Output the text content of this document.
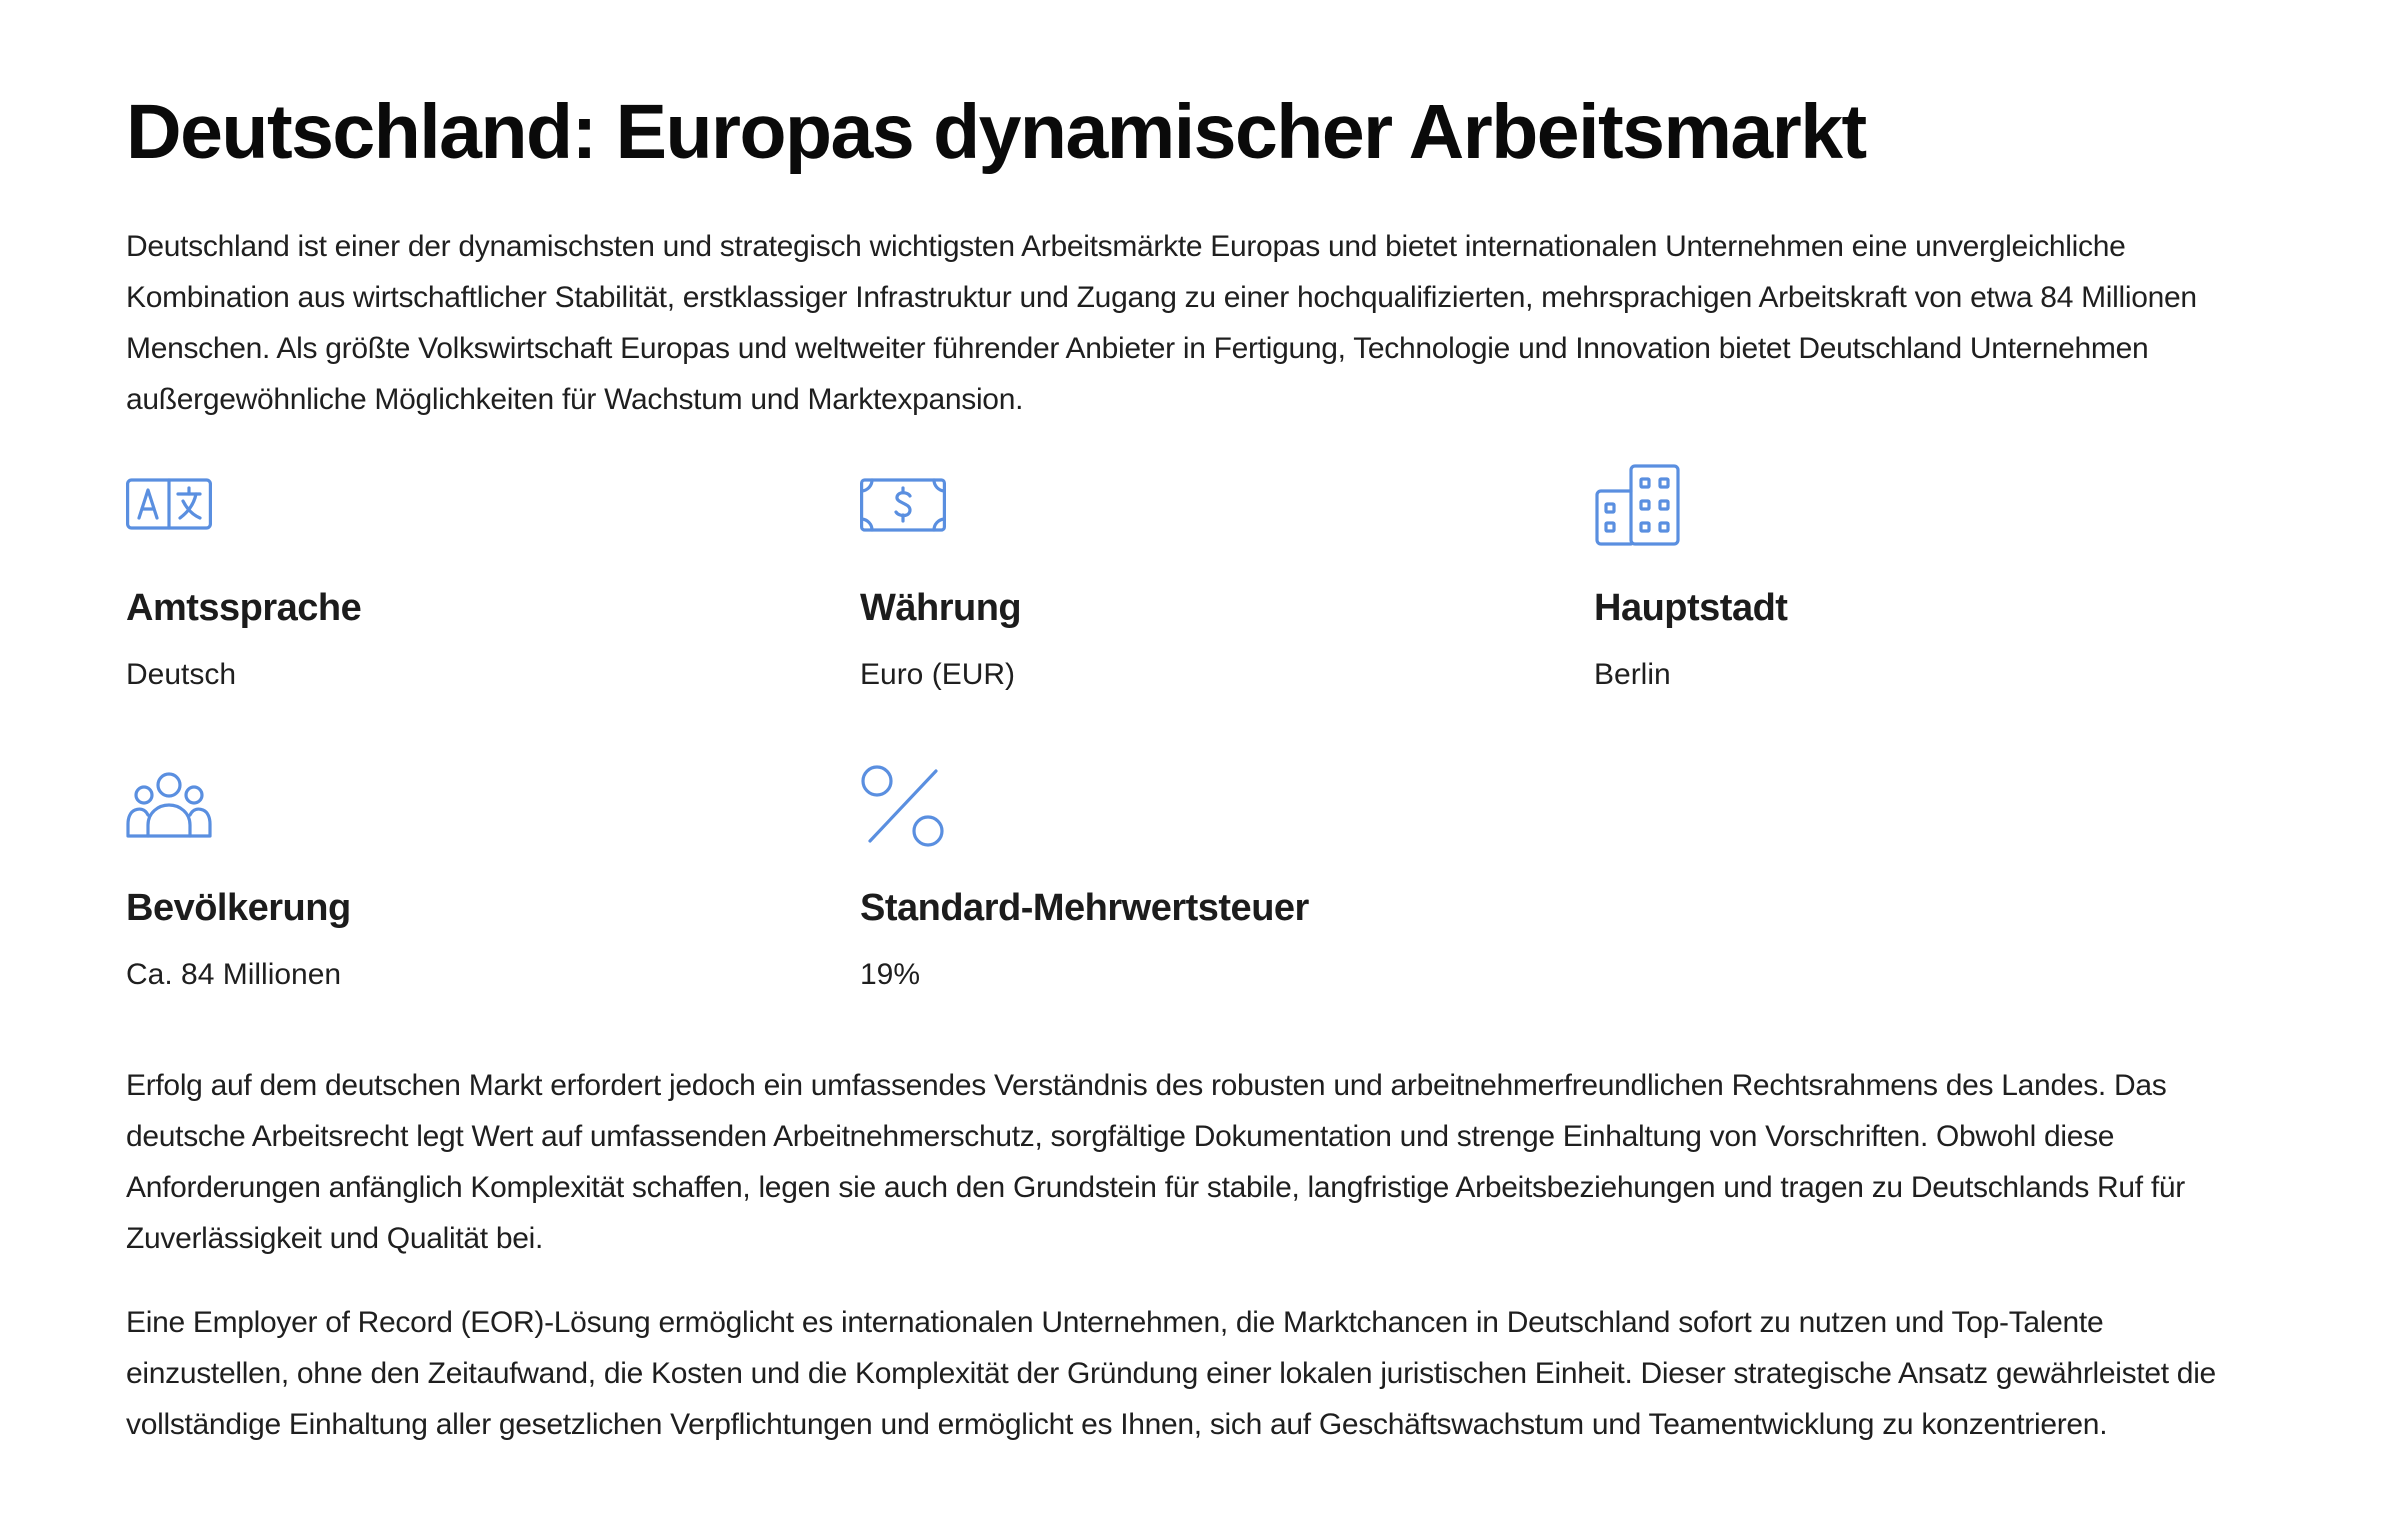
Deutschland: Europas dynamischer Arbeitsmarkt

Deutschland ist einer der dynamischsten und strategisch wichtigsten Arbeitsmärkte Europas und bietet internationalen Unternehmen eine unvergleichliche Kombination aus wirtschaftlicher Stabilität, erstklassiger Infrastruktur und Zugang zu einer hochqualifizierten, mehrsprachigen Arbeitskraft von etwa 84 Millionen Menschen. Als größte Volkswirtschaft Europas und weltweiter führender Anbieter in Fertigung, Technologie und Innovation bietet Deutschland Unternehmen außergewöhnliche Möglichkeiten für Wachstum und Marktexpansion.

Amtssprache
Deutsch
Währung
Euro (EUR)
Hauptstadt
Berlin
Bevölkerung
Ca. 84 Millionen
Standard-Mehrwertsteuer
19%

Erfolg auf dem deutschen Markt erfordert jedoch ein umfassendes Verständnis des robusten und arbeitnehmerfreundlichen Rechtsrahmens des Landes. Das deutsche Arbeitsrecht legt Wert auf umfassenden Arbeitnehmerschutz, sorgfältige Dokumentation und strenge Einhaltung von Vorschriften. Obwohl diese Anforderungen anfänglich Komplexität schaffen, legen sie auch den Grundstein für stabile, langfristige Arbeitsbeziehungen und tragen zu Deutschlands Ruf für Zuverlässigkeit und Qualität bei.

Eine Employer of Record (EOR)-Lösung ermöglicht es internationalen Unternehmen, die Marktchancen in Deutschland sofort zu nutzen und Top-Talente einzustellen, ohne den Zeitaufwand, die Kosten und die Komplexität der Gründung einer lokalen juristischen Einheit. Dieser strategische Ansatz gewährleistet die vollständige Einhaltung aller gesetzlichen Verpflichtungen und ermöglicht es Ihnen, sich auf Geschäftswachstum und Teamentwicklung zu konzentrieren.
